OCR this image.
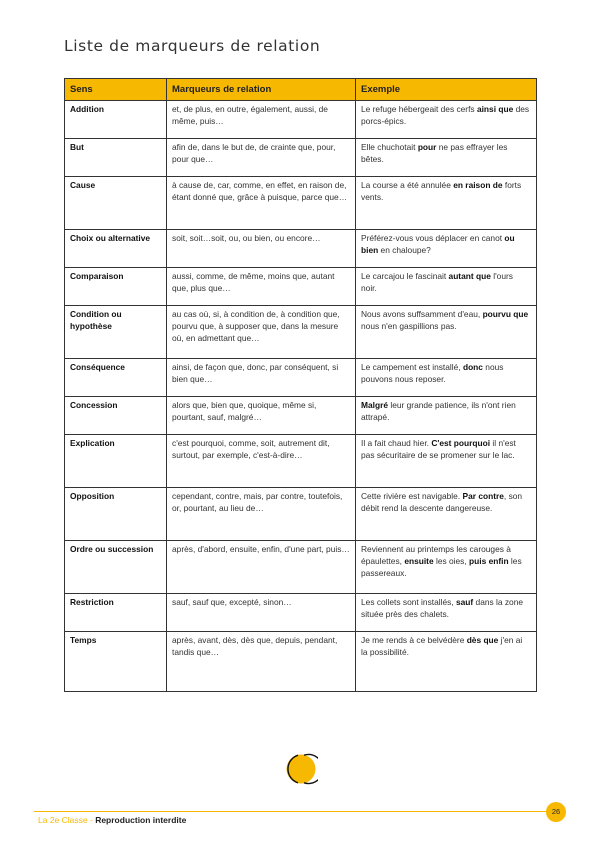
Liste de marqueurs de relation
Sens	Marqueurs de relation	Exemple
Addition	et, de plus, en outre, également, aussi, de même, puis…	Le refuge hébergeait des cerfs ainsi que des porcs-épics.
But	afin de, dans le but de, de crainte que, pour, pour que…	Elle chuchotait pour ne pas effrayer les bêtes.
Cause	à cause de, car, comme, en effet, en raison de, étant donné que, grâce à puisque, parce que…	La course a été annulée en raison de forts vents.
Choix ou alternative	soit, soit…soit, ou, ou bien, ou encore…	Préférez-vous vous déplacer en canot ou bien en chaloupe?
Comparaison	aussi, comme, de même, moins que, autant que, plus que…	Le carcajou le fascinait autant que l'ours noir.
Condition ou hypothèse	au cas où, si, à condition de, à condition que, pourvu que, à supposer que, dans la mesure où, en admettant que…	Nous avons suffsamment d'eau, pourvu que nous n'en gaspillions pas.
Conséquence	ainsi, de façon que, donc, par conséquent, si bien que…	Le campement est installé, donc nous pouvons nous reposer.
Concession	alors que, bien que, quoique, même si, pourtant, sauf, malgré…	Malgré leur grande patience, ils n'ont rien attrapé.
Explication	c'est pourquoi, comme, soit, autrement dit, surtout, par exemple, c'est-à-dire…	Il a fait chaud hier. C'est pourquoi il n'est pas sécuritaire de se promener sur le lac.
Opposition	cependant, contre, mais, par contre, toutefois, or, pourtant, au lieu de…	Cette rivière est navigable. Par contre, son débit rend la descente dangereuse.
Ordre ou succession	après, d'abord, ensuite, enfin, d'une part, puis…	Reviennent au printemps les carouges à épaulettes, ensuite les oies, puis enfin les passereaux.
Restriction	sauf, sauf que, excepté, sinon…	Les collets sont installés, sauf dans la zone située près des chalets.
Temps	après, avant, dès, dès que, depuis, pendant, tandis que…	Je me rends à ce belvédère dès que j'en ai la possibilité.
La 2e Classe - Reproduction interdite
26
